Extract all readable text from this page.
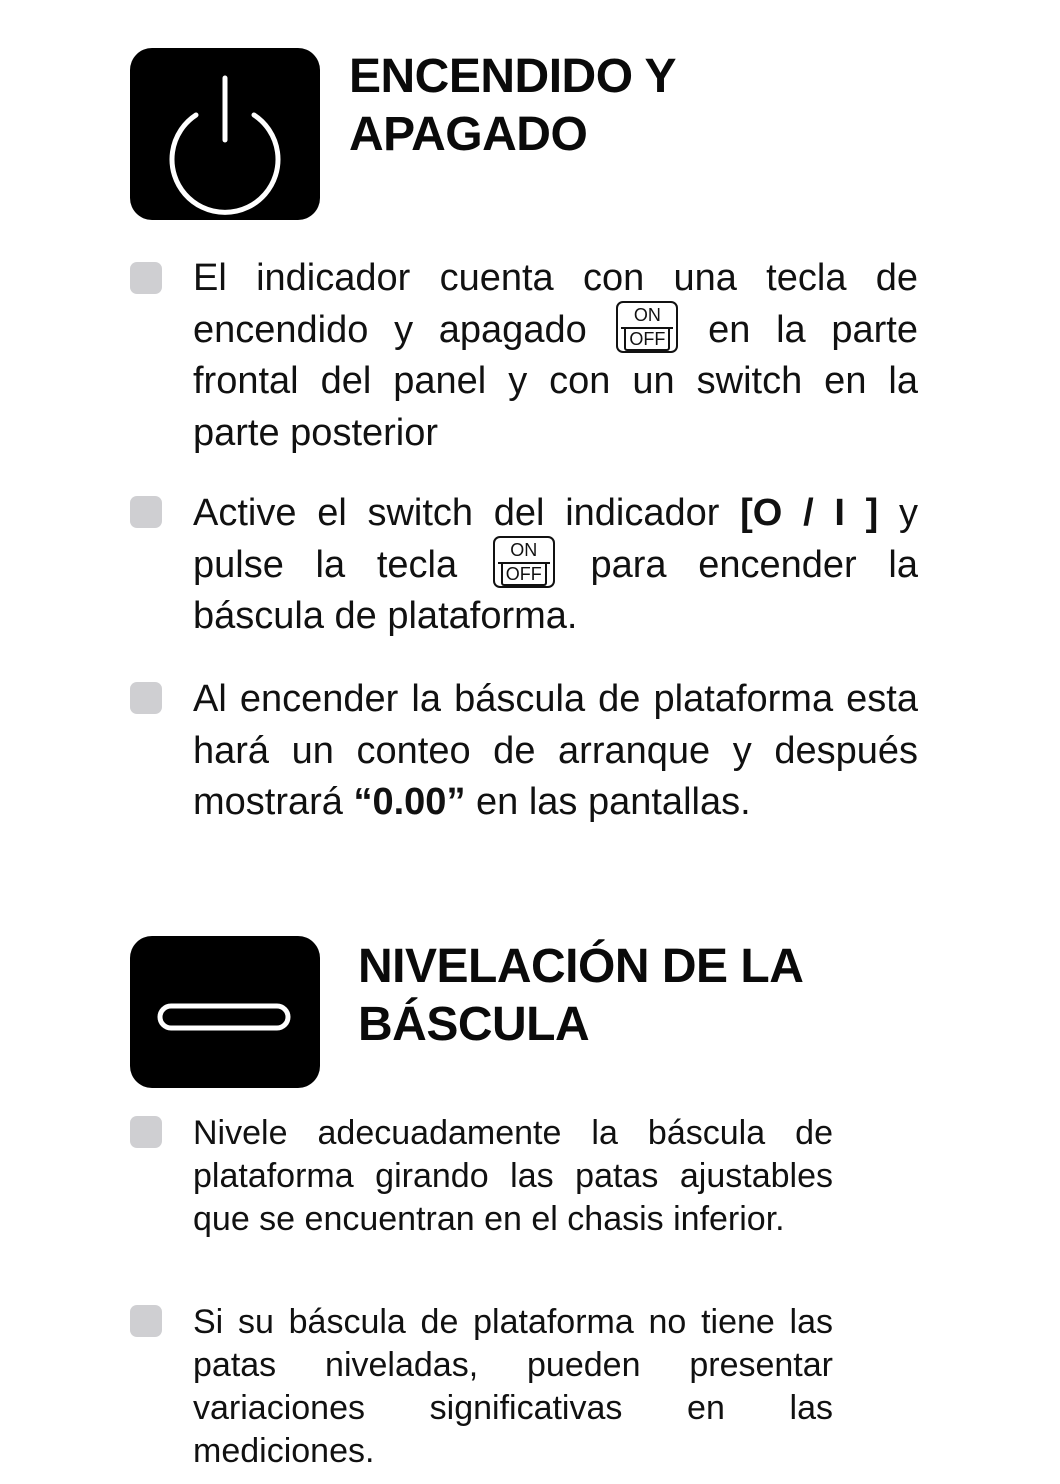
ENCENDIDO Y
APAGADO

El indicador cuenta con una tecla de encendido y apagado	ON
OFF en la parte frontal del panel y con un switch en la parte posterior

Active el switch del indicador [O / I ] y pulse la tecla	ON
OFF para encender la báscula de plataforma.

Al encender la báscula de plataforma esta hará un conteo de arranque y después mostrará “0.00” en las pantallas.

NIVELACIÓN DE LA
BÁSCULA

Nivele adecuadamente la báscula de plataforma girando las patas ajustables que se encuentran en el chasis inferior.

Si su báscula de plataforma no tiene las patas niveladas, pueden presentar variaciones significativas en las mediciones.
